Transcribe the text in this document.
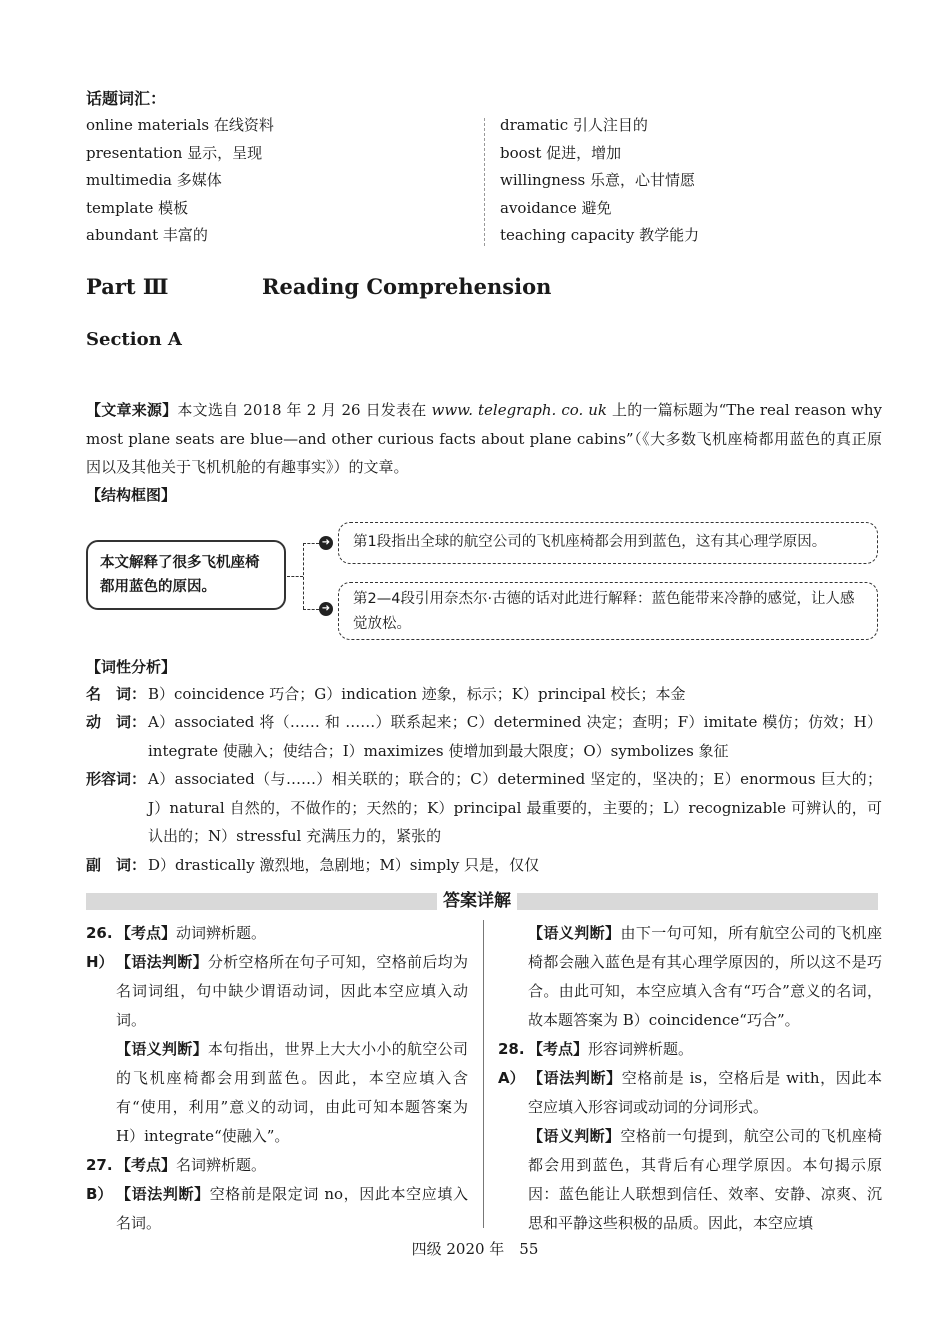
话题词汇：
online materials 在线资料
presentation 显示，呈现
multimedia 多媒体
template 模板
abundant 丰富的
dramatic 引人注目的
boost 促进，增加
willingness 乐意，心甘情愿
avoidance 避免
teaching capacity 教学能力
Part Ⅲ	Reading Comprehension
Section A
【文章来源】本文选自 2018 年 2 月 26 日发表在 www. telegraph. co. uk 上的一篇标题为“The real reason why most plane seats are blue—and other curious facts about plane cabins”（《大多数飞机座椅都用蓝色的真正原因以及其他关于飞机机舱的有趣事实》）的文章。
【结构框图】
本文解释了很多飞机座椅都用蓝色的原因。
➜
➜
第1段指出全球的航空公司的飞机座椅都会用到蓝色，这有其心理学原因。
第2—4段引用奈杰尔·古德的话对此进行解释：蓝色能带来冷静的感觉，让人感觉放松。
【词性分析】
名　词： B）coincidence 巧合；G）indication 迹象，标示；K）principal 校长；本金
动　词： A）associated 将（…… 和 ……）联系起来；C）determined 决定；查明；F）imitate 模仿；仿效；H）integrate 使融入；使结合；I）maximizes 使增加到最大限度；O）symbolizes 象征
形容词： A）associated（与……）相关联的；联合的；C）determined 坚定的，坚决的；E）enormous 巨大的；J）natural 自然的，不做作的；天然的；K）principal 最重要的，主要的；L）recognizable 可辨认的，可认出的；N）stressful 充满压力的，紧张的
副　词： D）drastically 激烈地，急剧地；M）simply 只是，仅仅
答案详解
26. 【考点】动词辨析题。
H） 【语法判断】分析空格所在句子可知，空格前后均为名词词组，句中缺少谓语动词，因此本空应填入动词。
【语义判断】本句指出，世界上大大小小的航空公司的飞机座椅都会用到蓝色。因此，本空应填入含有“使用，利用”意义的动词，由此可知本题答案为 H）integrate“使融入”。
27. 【考点】名词辨析题。
B） 【语法判断】空格前是限定词 no，因此本空应填入名词。
【语义判断】由下一句可知，所有航空公司的飞机座椅都会融入蓝色是有其心理学原因的，所以这不是巧合。由此可知，本空应填入含有“巧合”意义的名词，故本题答案为 B）coincidence“巧合”。
28. 【考点】形容词辨析题。
A） 【语法判断】空格前是 is，空格后是 with，因此本空应填入形容词或动词的分词形式。
【语义判断】空格前一句提到，航空公司的飞机座椅都会用到蓝色，其背后有心理学原因。本句揭示原因：蓝色能让人联想到信任、效率、安静、凉爽、沉思和平静这些积极的品质。因此，本空应填
四级 2020 年　55
